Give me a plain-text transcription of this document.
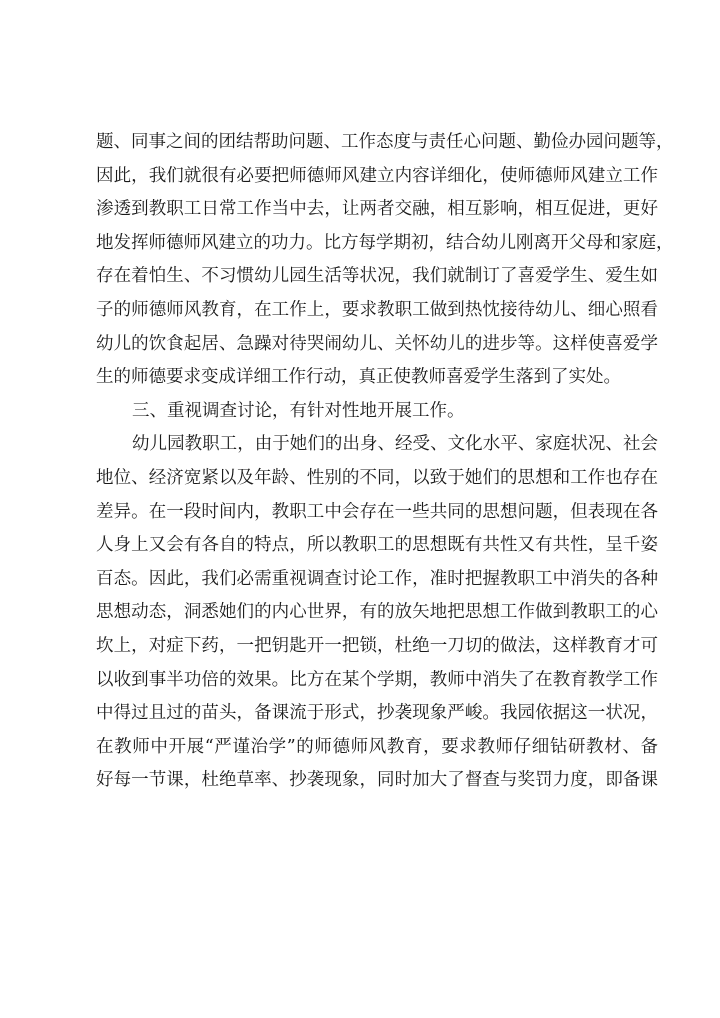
题、同事之间的团结帮助问题、工作态度与责任心问题、勤俭办园问题等，
因此，我们就很有必要把师德师风建立内容详细化，使师德师风建立工作
渗透到教职工日常工作当中去，让两者交融，相互影响，相互促进，更好
地发挥师德师风建立的功力。比方每学期初，结合幼儿刚离开父母和家庭，
存在着怕生、不习惯幼儿园生活等状况，我们就制订了喜爱学生、爱生如
子的师德师风教育，在工作上，要求教职工做到热忱接待幼儿、细心照看
幼儿的饮食起居、急躁对待哭闹幼儿、关怀幼儿的进步等。这样使喜爱学
生的师德要求变成详细工作行动，真正使教师喜爱学生落到了实处。
三、重视调查讨论，有针对性地开展工作。
幼儿园教职工，由于她们的出身、经受、文化水平、家庭状况、社会
地位、经济宽紧以及年龄、性别的不同，以致于她们的思想和工作也存在
差异。在一段时间内，教职工中会存在一些共同的思想问题，但表现在各
人身上又会有各自的特点，所以教职工的思想既有共性又有共性，呈千姿
百态。因此，我们必需重视调查讨论工作，准时把握教职工中消失的各种
思想动态，洞悉她们的内心世界，有的放矢地把思想工作做到教职工的心
坎上，对症下药，一把钥匙开一把锁，杜绝一刀切的做法，这样教育才可
以收到事半功倍的效果。比方在某个学期，教师中消失了在教育教学工作
中得过且过的苗头，备课流于形式，抄袭现象严峻。我园依据这一状况，
在教师中开展“严谨治学”的师德师风教育，要求教师仔细钻研教材、备
好每一节课，杜绝草率、抄袭现象，同时加大了督查与奖罚力度，即备课
